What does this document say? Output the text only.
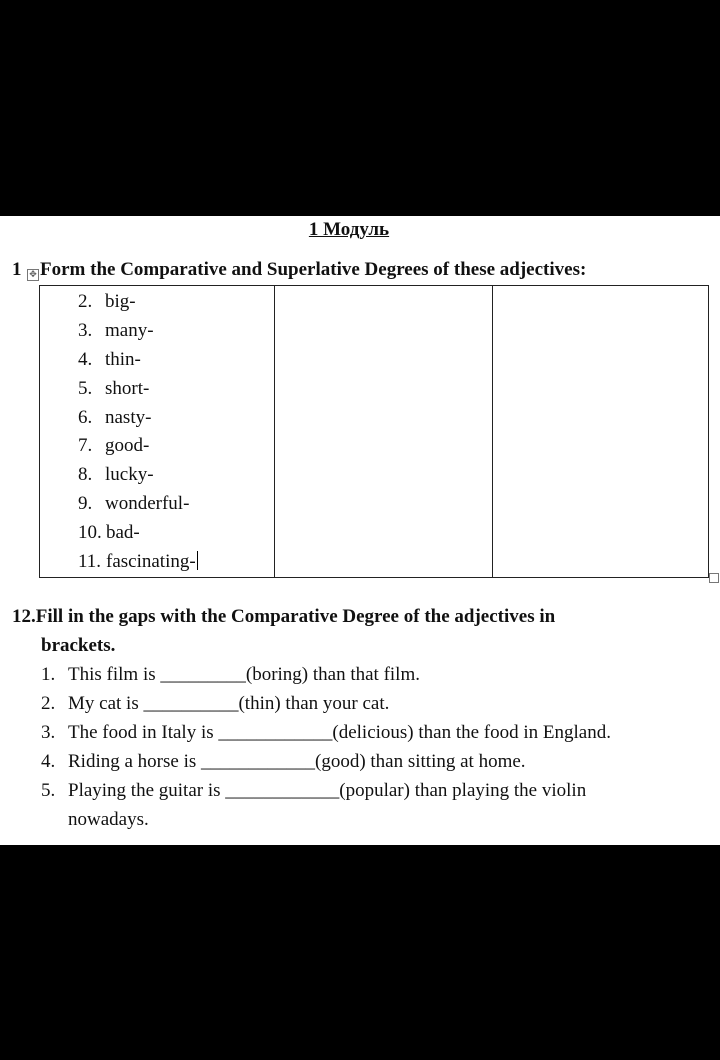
1 Модуль
1 Form the Comparative and Superlative Degrees of these adjectives:
✥
2. big-
3. many-
4. thin-
5. short-
6. nasty-
7. good-
8. lucky-
9. wonderful-
10. bad-
11. fascinating-

12.Fill in the gaps with the Comparative Degree of the adjectives in
brackets.
1. This film is _________(boring) than that film.
2. My cat is __________(thin) than your cat.
3. The food in Italy is ____________(delicious) than the food in England.
4. Riding a horse is ____________(good) than sitting at home.
5. Playing the guitar is ____________(popular) than playing the violin
nowadays.
